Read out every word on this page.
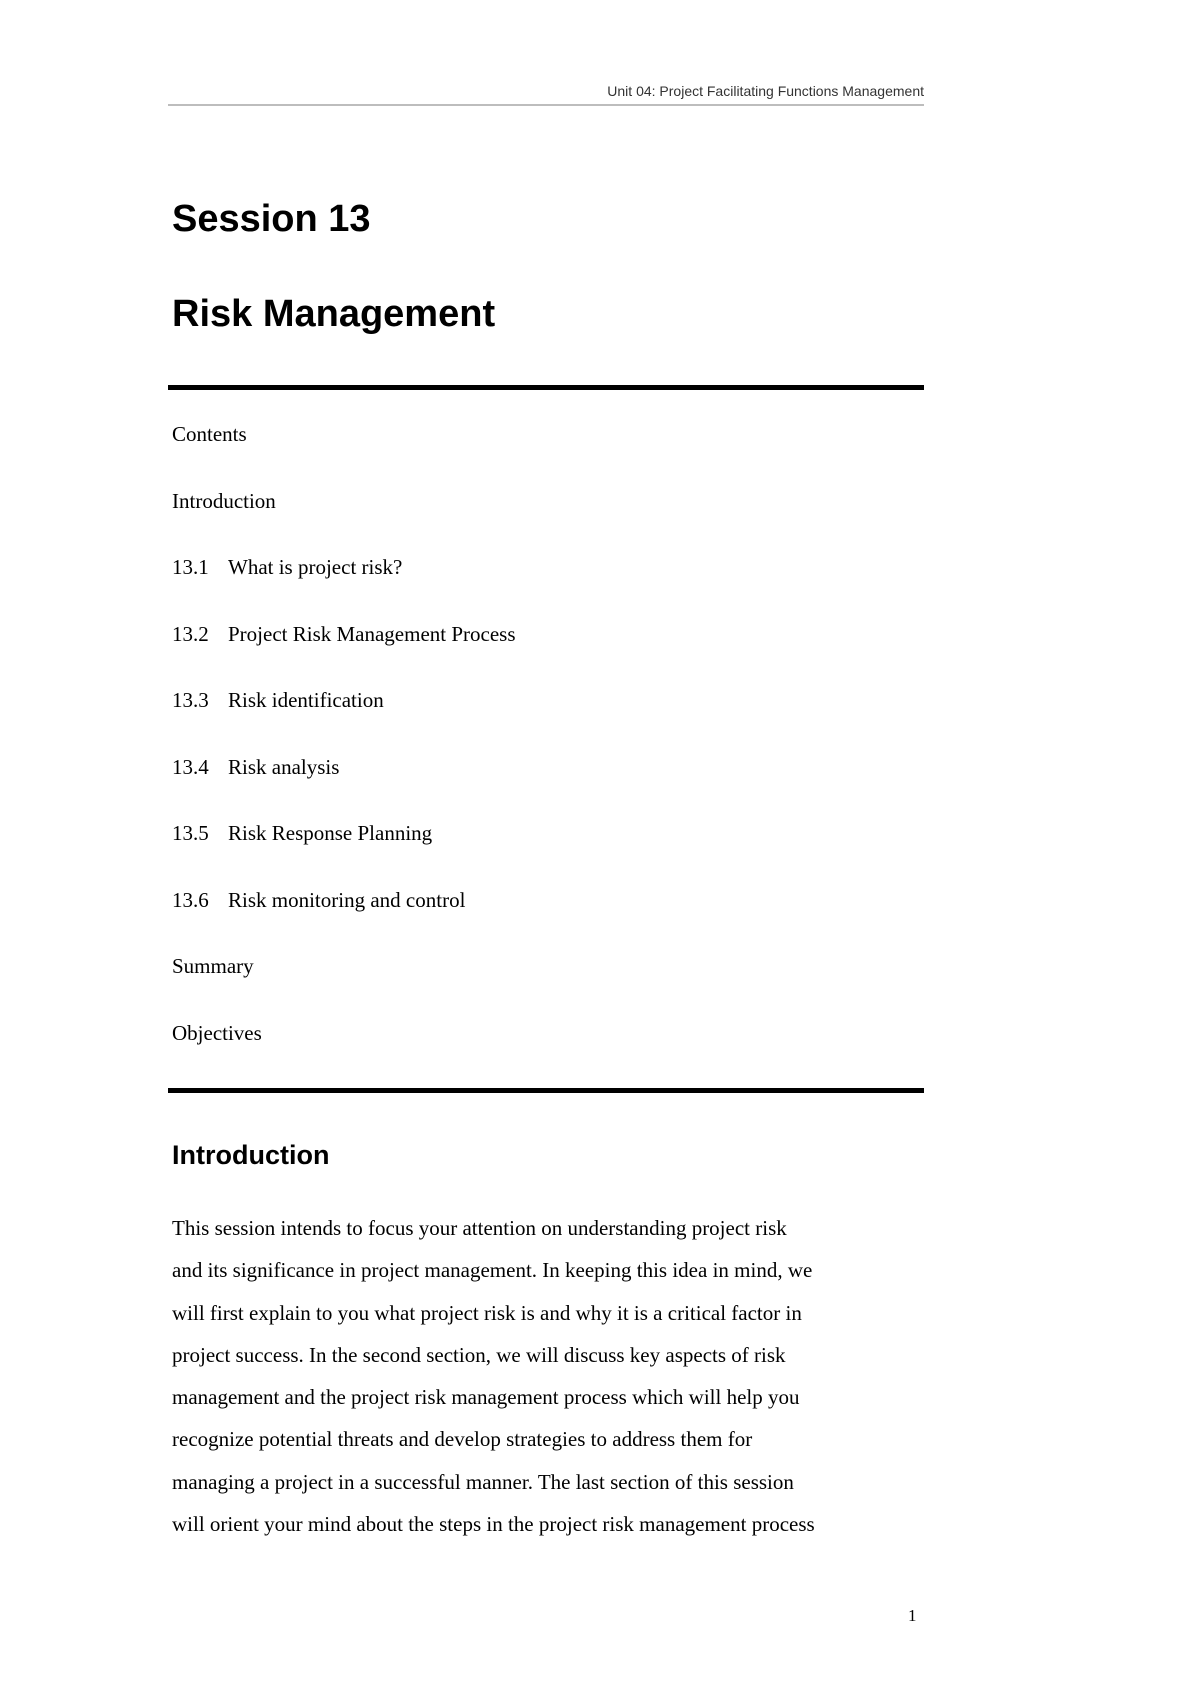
Unit 04: Project Facilitating Functions Management
Session 13
Risk Management
Contents
Introduction
13.1 What is project risk?
13.2 Project Risk Management Process
13.3 Risk identification
13.4 Risk analysis
13.5 Risk Response Planning
13.6 Risk monitoring and control
Summary
Objectives
Introduction

This session intends to focus your attention on understanding project risk
and its significance in project management. In keeping this idea in mind, we
will first explain to you what project risk is and why it is a critical factor in
project success. In the second section, we will discuss key aspects of risk
management and the project risk management process which will help you
recognize potential threats and develop strategies to address them for
managing a project in a successful manner. The last section of this session
will orient your mind about the steps in the project risk management process

1
